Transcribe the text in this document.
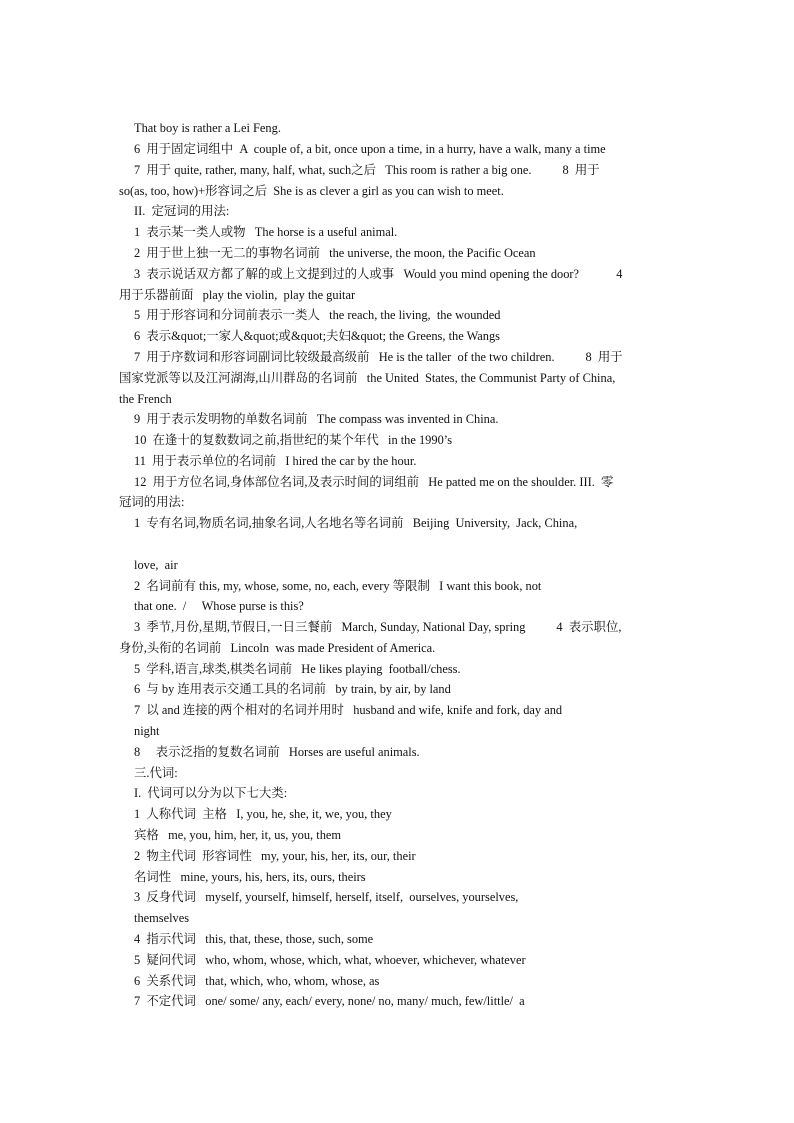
That boy is rather a Lei Feng.

6  用于固定词组中  A  couple of, a bit, once upon a time, in a hurry, have a walk, many a time

7  用于 quite, rather, many, half, what, such之后   This room is rather a big one.          8  用于

so(as, too, how)+形容词之后  She is as clever a girl as you can wish to meet.

II.  定冠词的用法:

1  表示某一类人或物   The horse is a useful animal.

2  用于世上独一无二的事物名词前   the universe, the moon, the Pacific Ocean

3  表示说话双方都了解的或上文提到过的人或事   Would you mind opening the door?            4

用于乐器前面   play the violin,  play the guitar

5  用于形容词和分词前表示一类人   the reach, the living,  the wounded

6  表示&quot;一家人&quot;或&quot;夫妇&quot; the Greens, the Wangs

7  用于序数词和形容词副词比较级最高级前   He is the taller  of the two children.          8  用于

国家党派等以及江河湖海,山川群岛的名词前   the United  States, the Communist Party of China,

the French

9  用于表示发明物的单数名词前   The compass was invented in China.

10  在逢十的复数数词之前,指世纪的某个年代   in the 1990’s

11  用于表示单位的名词前   I hired the car by the hour.

12  用于方位名词,身体部位名词,及表示时间的词组前   He patted me on the shoulder. III.  零

冠词的用法:

1  专有名词,物质名词,抽象名词,人名地名等名词前   Beijing  University,  Jack, China,

love,  air

2  名词前有 this, my, whose, some, no, each, every 等限制   I want this book, not

that one.  /     Whose purse is this?

3  季节,月份,星期,节假日,一日三餐前   March, Sunday, National Day, spring          4  表示职位,

身份,头衔的名词前   Lincoln  was made President of America.

5  学科,语言,球类,棋类名词前   He likes playing  football/chess.

6  与 by 连用表示交通工具的名词前   by train, by air, by land

7  以 and 连接的两个相对的名词并用时   husband and wife, knife and fork, day and

night

8     表示泛指的复数名词前   Horses are useful animals.

三.代词:

I.  代词可以分为以下七大类:

1  人称代词  主格   I, you, he, she, it, we, you, they

宾格   me, you, him, her, it, us, you, them

2  物主代词  形容词性   my, your, his, her, its, our, their

名词性   mine, yours, his, hers, its, ours, theirs

3  反身代词   myself, yourself, himself, herself, itself,  ourselves, yourselves,

themselves

4  指示代词   this, that, these, those, such, some

5  疑问代词   who, whom, whose, which, what, whoever, whichever, whatever

6  关系代词   that, which, who, whom, whose, as

7  不定代词   one/ some/ any, each/ every, none/ no, many/ much, few/little/  a
